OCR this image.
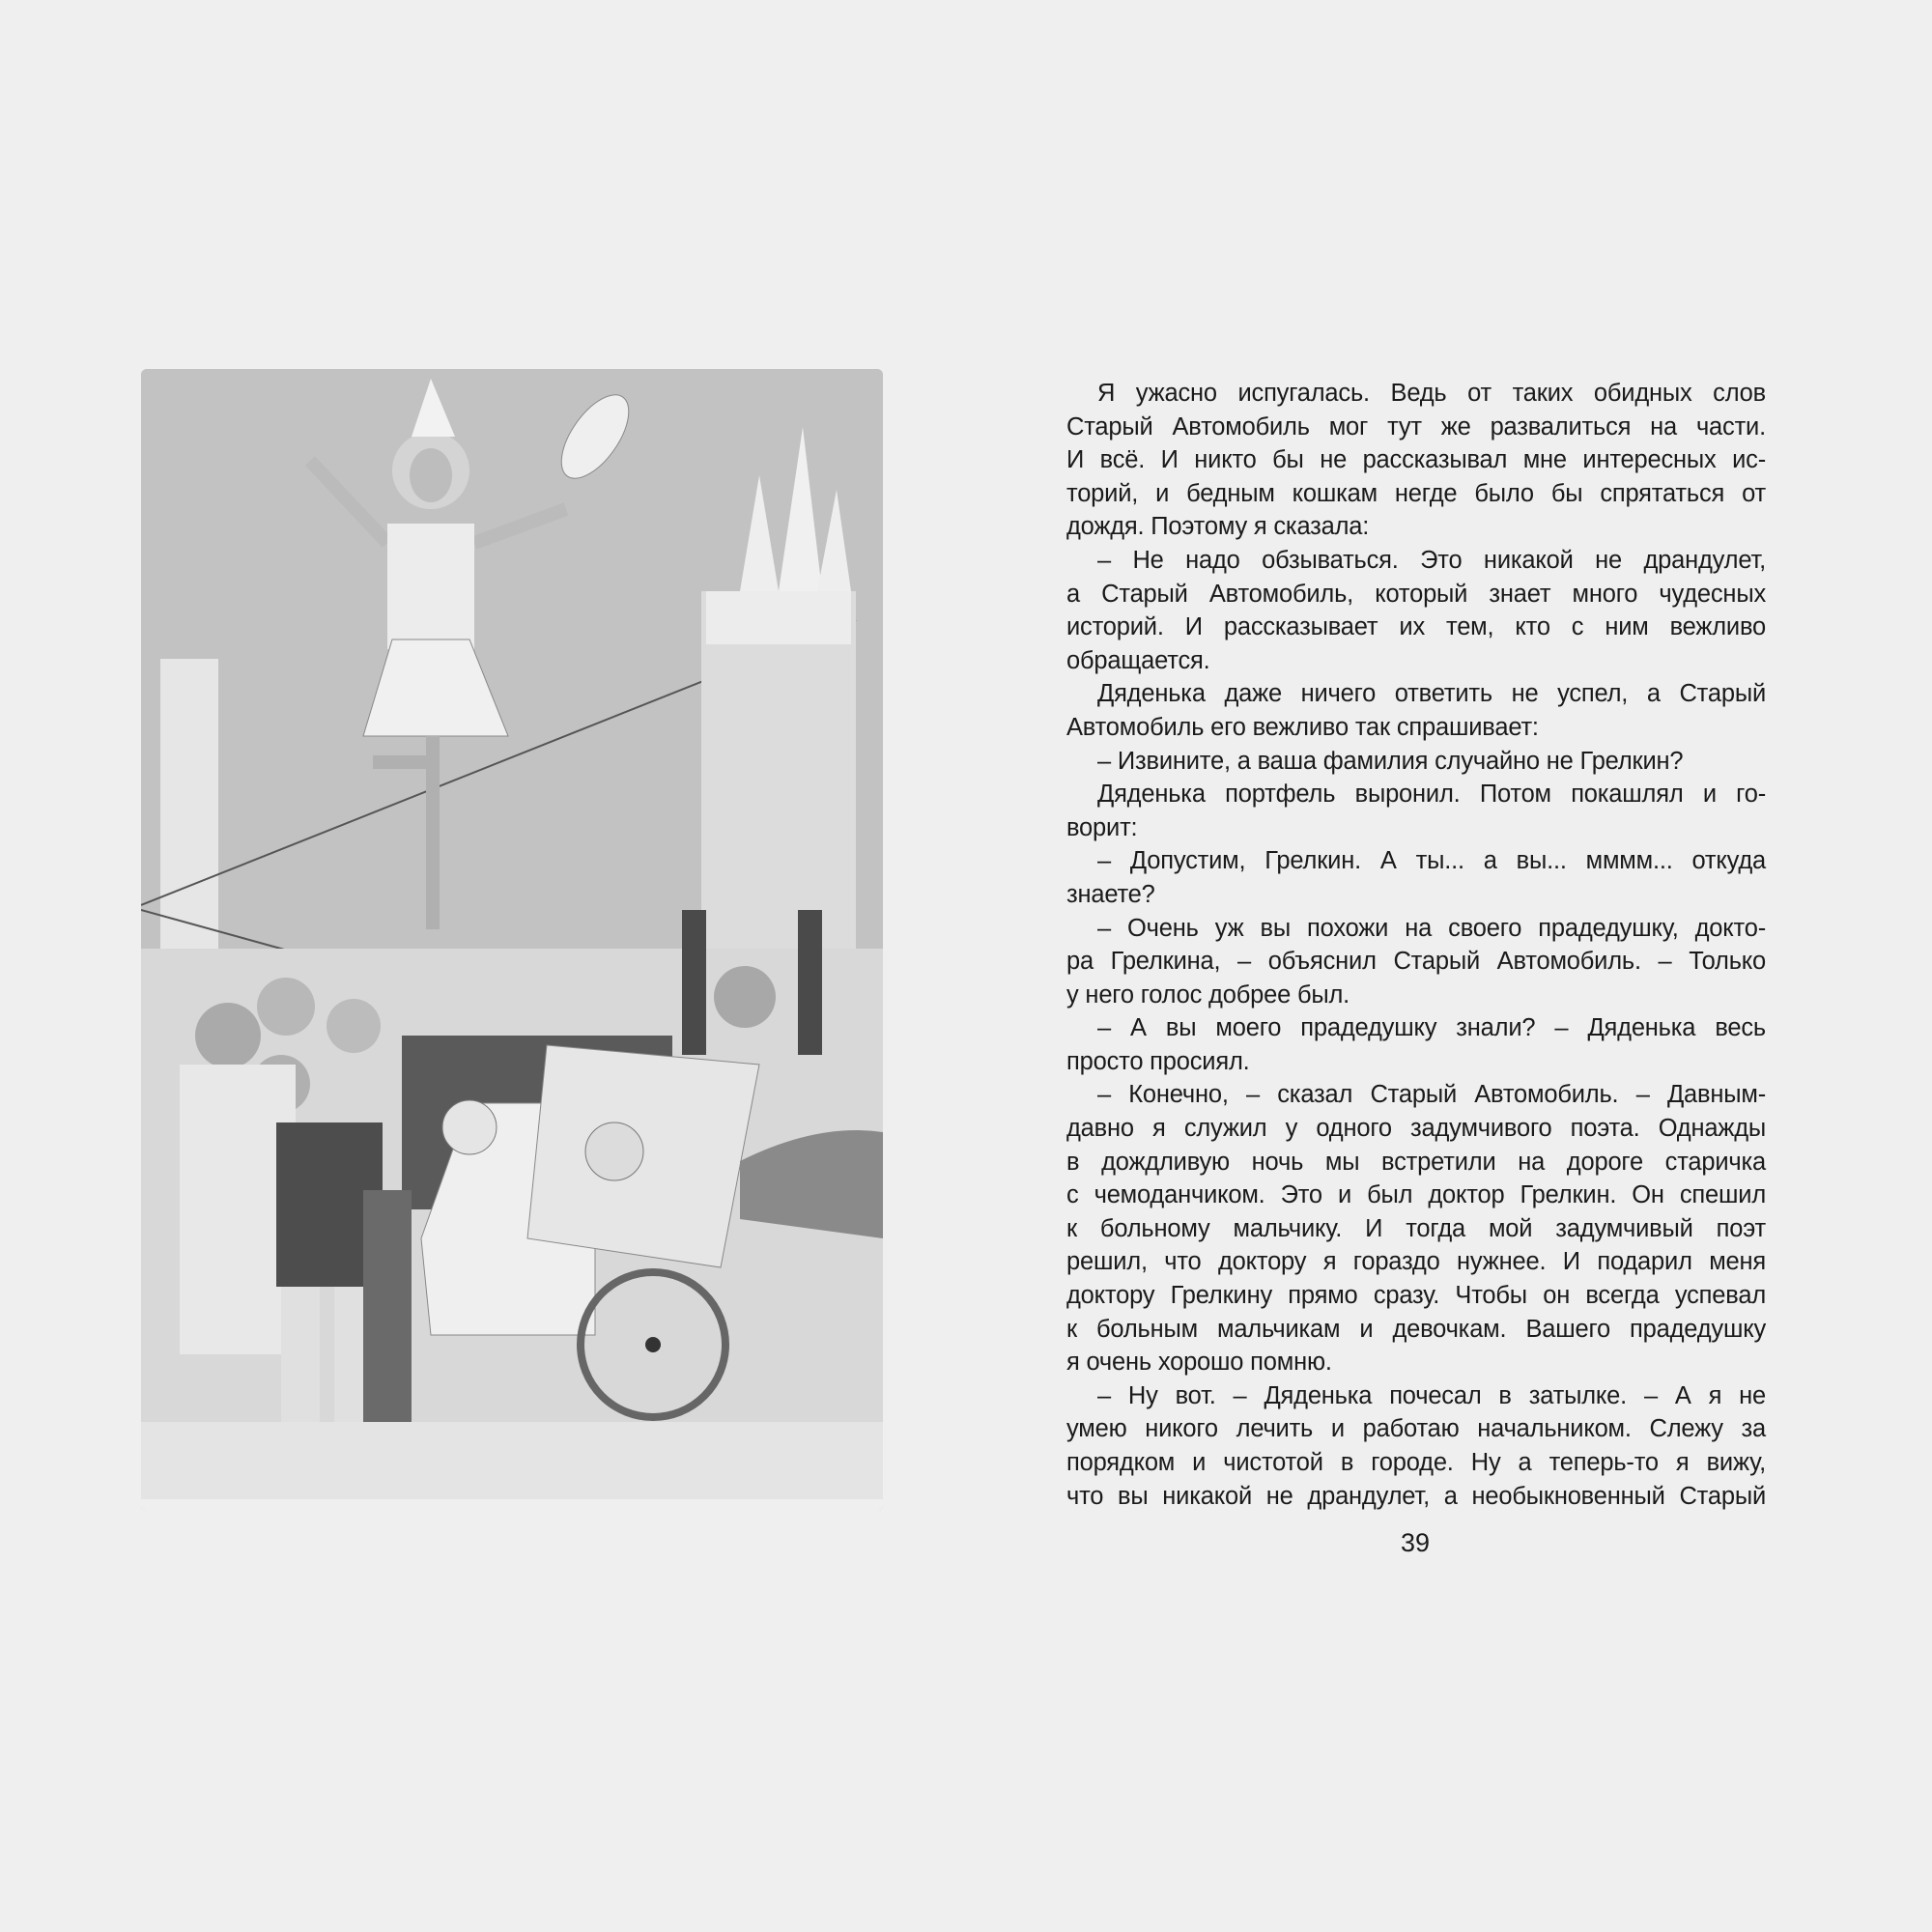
Я ужасно испугалась. Ведь от таких обидных слов
Старый Автомобиль мог тут же развалиться на части.
И всё. И никто бы не рассказывал мне интересных ис-
торий, и бедным кошкам негде было бы спрятаться от
дождя. Поэтому я сказала:
– Не надо обзываться. Это никакой не драндулет,
а Старый Автомобиль, который знает много чудесных
историй. И рассказывает их тем, кто с ним вежливо
обращается.
Дяденька даже ничего ответить не успел, а Старый
Автомобиль его вежливо так спрашивает:
– Извините, а ваша фамилия случайно не Грелкин?
Дяденька портфель выронил. Потом покашлял и го-
ворит:
– Допустим, Грелкин. А ты... а вы... мммм... откуда
знаете?
– Очень уж вы похожи на своего прадедушку, докто-
ра Грелкина, – объяснил Старый Автомобиль. – Только
у него голос добрее был.
– А вы моего прадедушку знали? – Дяденька весь
просто просиял.
– Конечно, – сказал Старый Автомобиль. – Давным-
давно я служил у одного задумчивого поэта. Однажды
в дождливую ночь мы встретили на дороге старичка
с чемоданчиком. Это и был доктор Грелкин. Он спешил
к больному мальчику. И тогда мой задумчивый поэт
решил, что доктору я гораздо нужнее. И подарил меня
доктору Грелкину прямо сразу. Чтобы он всегда успевал
к больным мальчикам и девочкам. Вашего прадедушку
я очень хорошо помню.
– Ну вот. – Дяденька почесал в затылке. – А я не
умею никого лечить и работаю начальником. Слежу за
порядком и чистотой в городе. Ну а теперь-то я вижу,
что вы никакой не драндулет, а необыкновенный Старый
39
